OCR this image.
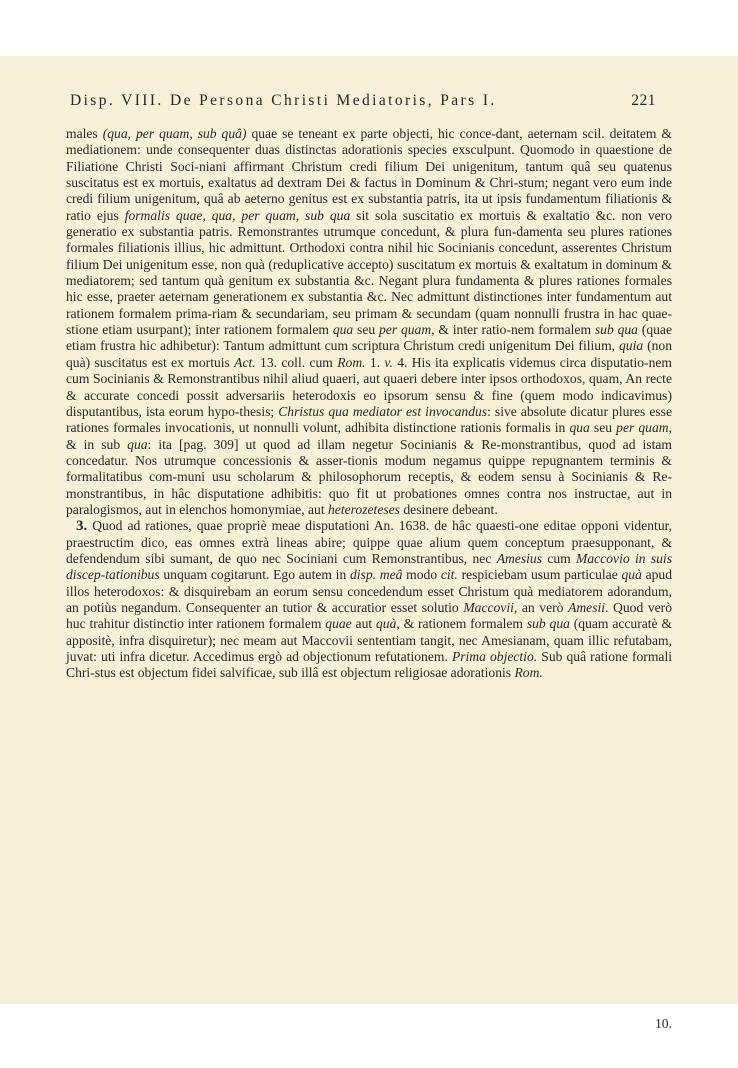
Disp. VIII. De Persona Christi Mediatoris, Pars I.	221

males (qua, per quam, sub quâ) quae se teneant ex parte objecti, hic conce-dant, aeternam scil. deitatem & mediationem: unde consequenter duas distinctas adorationis species exsculpunt. Quomodo in quaestione de Filiatione Christi Soci-niani affirmant Christum credi filium Dei unigenitum, tantum quâ seu quatenus suscitatus est ex mortuis, exaltatus ad dextram Dei & factus in Dominum & Chri-stum; negant vero eum inde credi filium unigenitum, quâ ab aeterno genitus est ex substantia patris, ita ut ipsis fundamentum filiationis & ratio ejus formalis quae, qua, per quam, sub qua sit sola suscitatio ex mortuis & exaltatio &c. non vero generatio ex substantia patris. Remonstrantes utrumque concedunt, & plura fun-damenta seu plures rationes formales filiationis illius, hic admittunt. Orthodoxi contra nihil hic Socinianis concedunt, asserentes Christum filium Dei unigenitum esse, non quà (reduplicative accepto) suscitatum ex mortuis & exaltatum in dominum & mediatorem; sed tantum quà genitum ex substantia &c. Negant plura fundamenta & plures rationes formales hic esse, praeter aeternam generationem ex substantia &c. Nec admittunt distinctiones inter fundamentum aut rationem formalem prima-riam & secundariam, seu primam & secundam (quam nonnulli frustra in hac quae-stione etiam usurpant); inter rationem formalem qua seu per quam, & inter ratio-nem formalem sub qua (quae etiam frustra hic adhibetur): Tantum admittunt cum scriptura Christum credi unigenitum Dei filium, quia (non quà) suscitatus est ex mortuis Act. 13. coll. cum Rom. 1. v. 4. His ita explicatis videmus circa disputatio-nem cum Socinianis & Remonstrantibus nihil aliud quaeri, aut quaeri debere inter ipsos orthodoxos, quam, An recte & accurate concedi possit adversariis heterodoxis eo ipsorum sensu & fine (quem modo indicavimus) disputantibus, ista eorum hypo-thesis; Christus qua mediator est invocandus: sive absolute dicatur plures esse rationes formales invocationis, ut nonnulli volunt, adhibita distinctione rationis formalis in qua seu per quam, & in sub qua: ita [pag. 309] ut quod ad illam negetur Socinianis & Re-monstrantibus, quod ad istam concedatur. Nos utrumque concessionis & asser-tionis modum negamus quippe repugnantem terminis & formalitatibus com-muni usu scholarum & philosophorum receptis, & eodem sensu à Socinianis & Re-monstrantibus, in hâc disputatione adhibitis: quo fit ut probationes omnes contra nos instructae, aut in paralogismos, aut in elenchos homonymiae, aut heterozeteses desinere debeant.

3. Quod ad rationes, quae propriè meae disputationi An. 1638. de hâc quaesti-one editae opponi videntur, praestructim dico, eas omnes extrà lineas abire; quippe quae alium quem conceptum praesupponant, & defendendum sibi sumant, de quo nec Sociniani cum Remonstrantibus, nec Amesius cum Maccovio in suis discep-tationibus unquam cogitarunt. Ego autem in disp. meâ modo cit. respiciebam usum particulae quà apud illos heterodoxos: & disquirebam an eorum sensu concedendum esset Christum quà mediatorem adorandum, an potiùs negandum. Consequenter an tutior & accuratior esset solutio Maccovii, an verò Amesii. Quod verò huc trahitur distinctio inter rationem formalem quae aut quà, & rationem formalem sub qua (quam accuratè & appositè, infra disquiretur); nec meam aut Maccovii sententiam tangit, nec Amesianam, quam illic refutabam, juvat: uti infra dicetur. Accedimus ergò ad objectionum refutationem. Prima objectio. Sub quâ ratione formali Chri-stus est objectum fidei salvificae, sub illâ est objectum religiosae adorationis Rom.

10.
